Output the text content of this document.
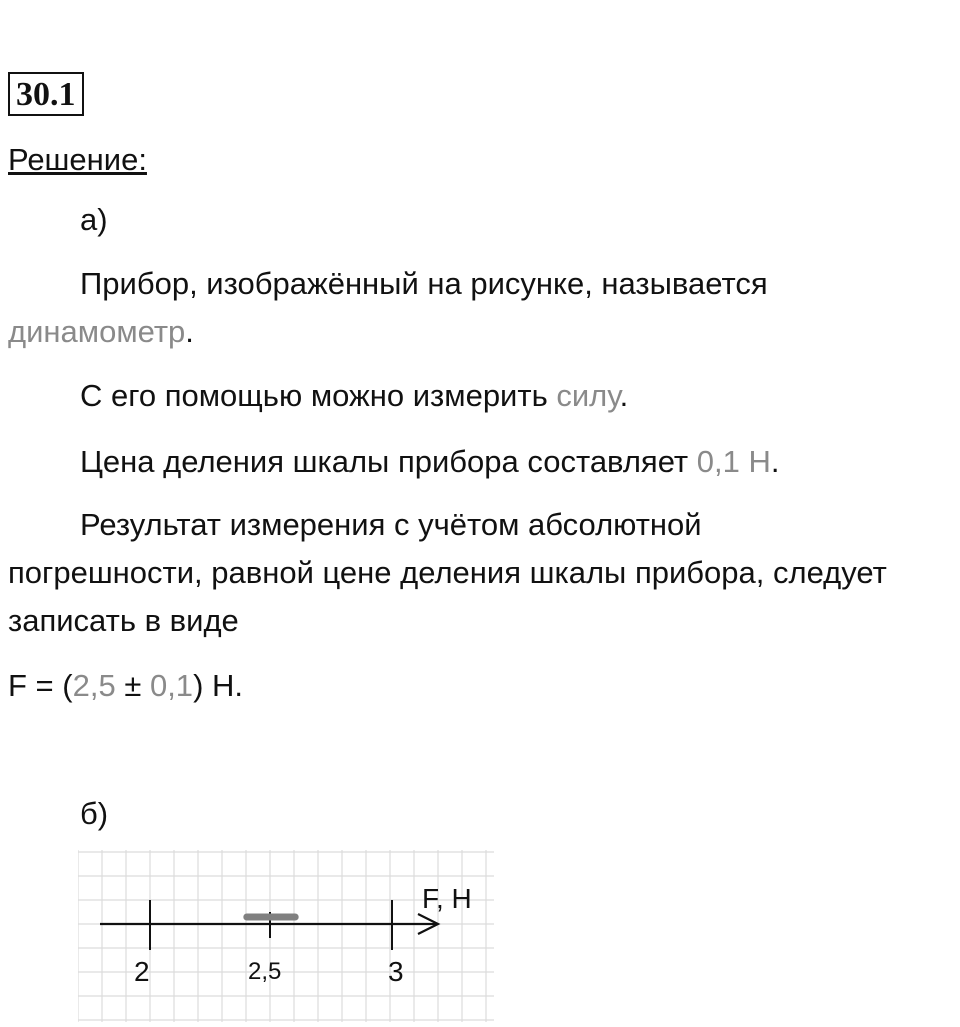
30.1
Решение:
а)
Прибор, изображённый на рисунке, называется
динамометр.
С его помощью можно измерить силу.
Цена деления шкалы прибора составляет 0,1 Н.
Результат измерения с учётом абсолютной
погрешности, равной цене деления шкалы прибора, следует
записать в виде
F = (2,5 ± 0,1) Н.
б)
F, Н
2	2,5	3
